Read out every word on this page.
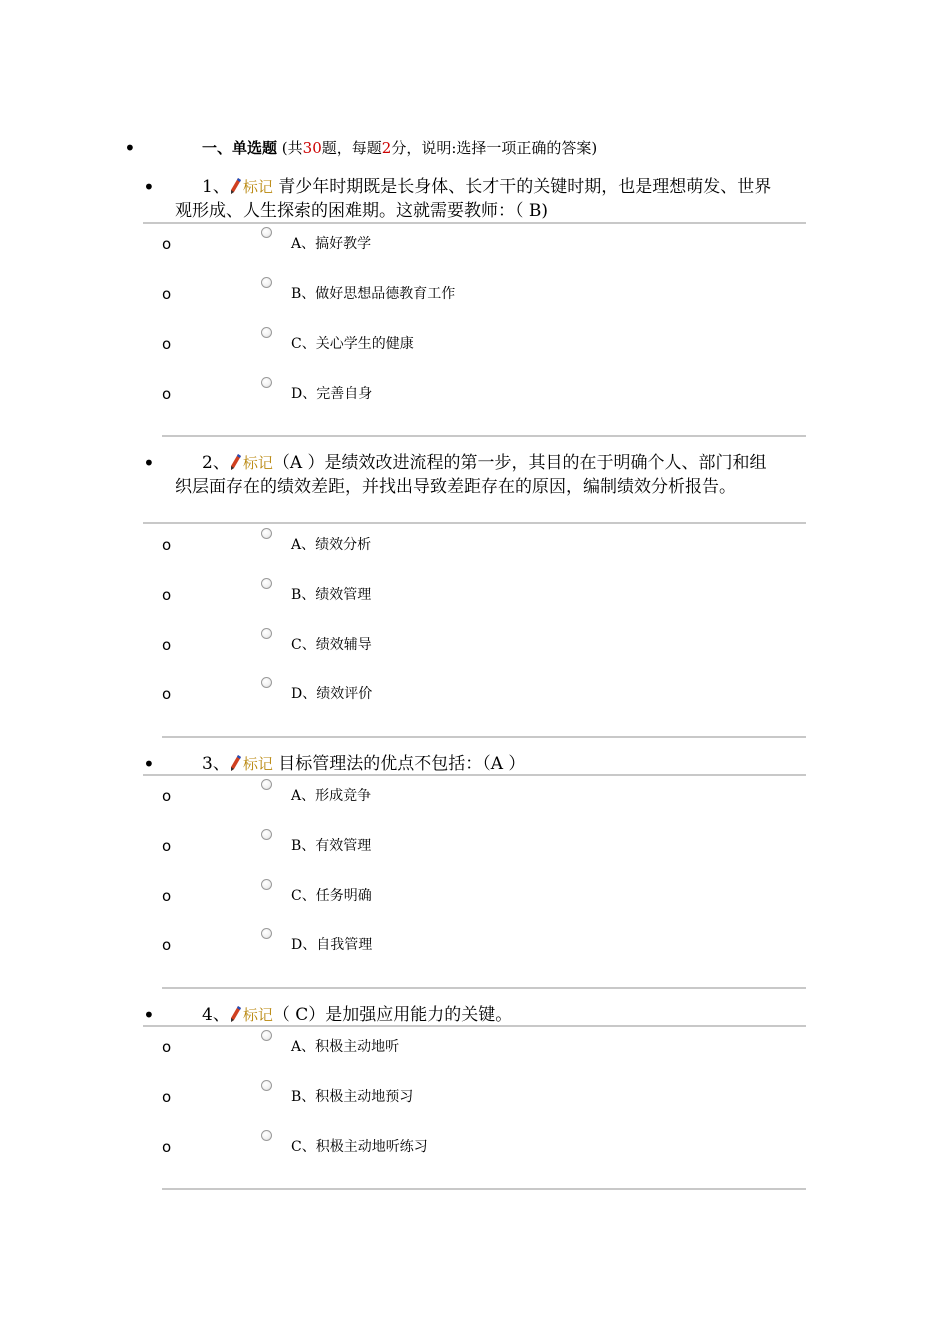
•	一、单选题 (共30题，每题2分，说明:选择一项正确的答案)
•	1、 标记 青少年时期既是长身体、长才干的关键时期，也是理想萌发、世界
观形成、人生探索的困难期。这就需要教师：（ B)
o	A、搞好教学
o	B、做好思想品德教育工作
o	C、关心学生的健康
o	D、完善自身
•	2、 标记 （A ）是绩效改进流程的第一步，其目的在于明确个人、部门和组
织层面存在的绩效差距，并找出导致差距存在的原因，编制绩效分析报告。
o	A、绩效分析
o	B、绩效管理
o	C、绩效辅导
o	D、绩效评价
•	3、 标记 目标管理法的优点不包括：（A ）
o	A、形成竞争
o	B、有效管理
o	C、任务明确
o	D、自我管理
•	4、 标记 （ C）是加强应用能力的关键。
o	A、积极主动地听
o	B、积极主动地预习
o	C、积极主动地听练习
